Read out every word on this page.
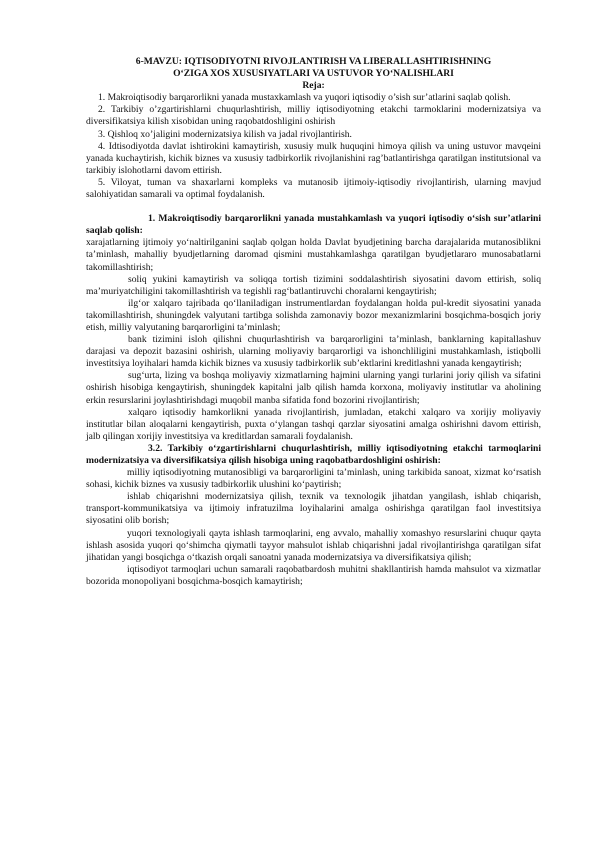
6-MAVZU: IQTISODIYOTNI RIVOJLANTIRISH VA LIBERALLASHTIRISHNING

O‘ZIGA XOS XUSUSIYATLARI VA USTUVOR YO‘NALISHLARI

Reja:

1. Makroiqtisodiy barqarorlikni yanada mustaxkamlash va yuqori iqtisodiy o’sish sur’atlarini saqlab qolish.

2. Tarkibiy o’zgartirishlarni chuqurlashtirish, milliy iqtisodiyotning etakchi tarmoklarini modernizatsiya va diversifikatsiya kilish xisobidan uning raqobatdoshligini oshirish

3. Qishloq xo’jaligini modernizatsiya kilish va jadal rivojlantirish.

4. Idtisodiyotda davlat ishtirokini kamaytirish, xususiy mulk huquqini himoya qilish va uning ustuvor mavqeini yanada kuchaytirish, kichik biznes va xususiy tadbirkorlik rivojlanishini rag’batlantirishga qaratilgan institutsional va tarkibiy islohotlarni davom ettirish.

5. Viloyat, tuman va shaxarlarni kompleks va mutanosib ijtimoiy-iqtisodiy rivojlantirish, ularning mavjud salohiyatidan samarali va optimal foydalanish.

1. Makroiqtisodiy barqarorlikni yanada mustahkamlash va yuqori iqtisodiy o‘sish sur’atlarini saqlab qolish:

xarajatlarning ijtimoiy yo‘naltirilganini saqlab qolgan holda Davlat byudjetining barcha darajalarida mutanosiblikni ta’minlash, mahalliy byudjetlarning daromad qismini mustahkamlashga qaratilgan byudjetlararo munosabatlarni takomillashtirish;

soliq yukini kamaytirish va soliqqa tortish tizimini soddalashtirish siyosatini davom ettirish, soliq ma’muriyatchiligini takomillashtirish va tegishli rag‘batlantiruvchi choralarni kengaytirish;

ilg‘or xalqaro tajribada qo‘llaniladigan instrumentlardan foydalangan holda pul-kredit siyosatini yanada takomillashtirish, shuningdek valyutani tartibga solishda zamonaviy bozor mexanizmlarini bosqichma-bosqich joriy etish, milliy valyutaning barqarorligini ta’minlash;

bank tizimini isloh qilishni chuqurlashtirish va barqarorligini ta’minlash, banklarning kapitallashuv darajasi va depozit bazasini oshirish, ularning moliyaviy barqarorligi va ishonchliligini mustahkamlash, istiqbolli investitsiya loyihalari hamda kichik biznes va xususiy tadbirkorlik sub’ektlarini kreditlashni yanada kengaytirish;

sug‘urta, lizing va boshqa moliyaviy xizmatlarning hajmini ularning yangi turlarini joriy qilish va sifatini oshirish hisobiga kengaytirish, shuningdek kapitalni jalb qilish hamda korxona, moliyaviy institutlar va aholining erkin resurslarini joylashtirishdagi muqobil manba sifatida fond bozorini rivojlantirish;

xalqaro iqtisodiy hamkorlikni yanada rivojlantirish, jumladan, etakchi xalqaro va xorijiy moliyaviy institutlar bilan aloqalarni kengaytirish, puxta o‘ylangan tashqi qarzlar siyosatini amalga oshirishni davom ettirish, jalb qilingan xorijiy investitsiya va kreditlardan samarali foydalanish.

3.2. Tarkibiy o‘zgartirishlarni chuqurlashtirish, milliy iqtisodiyotning etakchi tarmoqlarini modernizatsiya va diversifikatsiya qilish hisobiga uning raqobatbardoshligini oshirish:

milliy iqtisodiyotning mutanosibligi va barqarorligini ta’minlash, uning tarkibida sanoat, xizmat ko‘rsatish sohasi, kichik biznes va xususiy tadbirkorlik ulushini ko‘paytirish;

ishlab chiqarishni modernizatsiya qilish, texnik va texnologik jihatdan yangilash, ishlab chiqarish, transport-kommunikatsiya va ijtimoiy infratuzilma loyihalarini amalga oshirishga qaratilgan faol investitsiya siyosatini olib borish;

yuqori texnologiyali qayta ishlash tarmoqlarini, eng avvalo, mahalliy xomashyo resurslarini chuqur qayta ishlash asosida yuqori qo‘shimcha qiymatli tayyor mahsulot ishlab chiqarishni jadal rivojlantirishga qaratilgan sifat jihatidan yangi bosqichga o‘tkazish orqali sanoatni yanada modernizatsiya va diversifikatsiya qilish;

iqtisodiyot tarmoqlari uchun samarali raqobatbardosh muhitni shakllantirish hamda mahsulot va xizmatlar bozorida monopoliyani bosqichma-bosqich kamaytirish;
